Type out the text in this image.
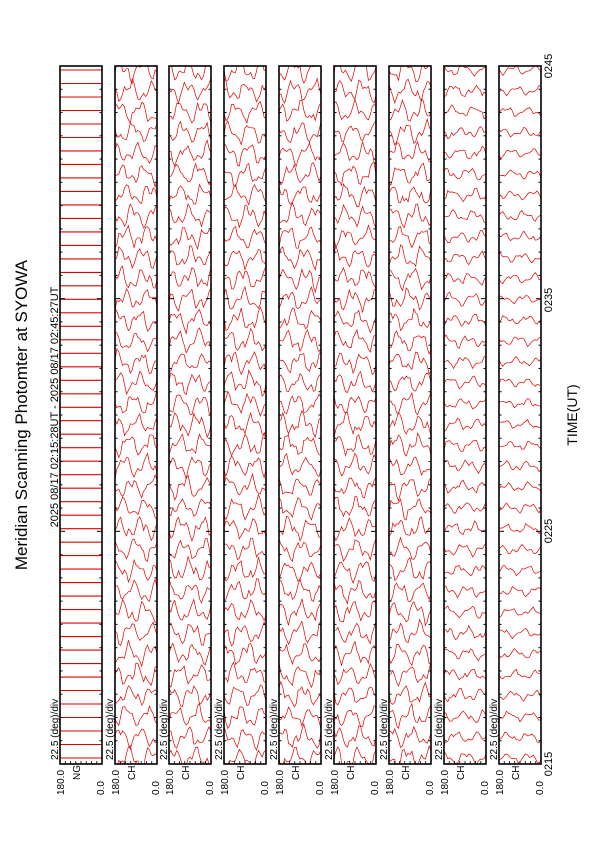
Meridian Scanning Photomter at SYOWA 2025 08/17 02:15:28UT - 2025 08/17 02:45:27UT	TIME(UT)
180.0	0.0
NG
22.5 (deg)/div
180.0	0.0
CH
22.5 (deg)/div
180.0	0.0
CH
22.5 (deg)/div
180.0	0.0
CH
22.5 (deg)/div
180.0	0.0
CH
22.5 (deg)/div
180.0	0.0
CH
22.5 (deg)/div
180.0	0.0
CH
22.5 (deg)/div
180.0	0.0
CH
22.5 (deg)/div
180.0	0.0
CH
22.5 (deg)/div
0215
0225
0235
0245
